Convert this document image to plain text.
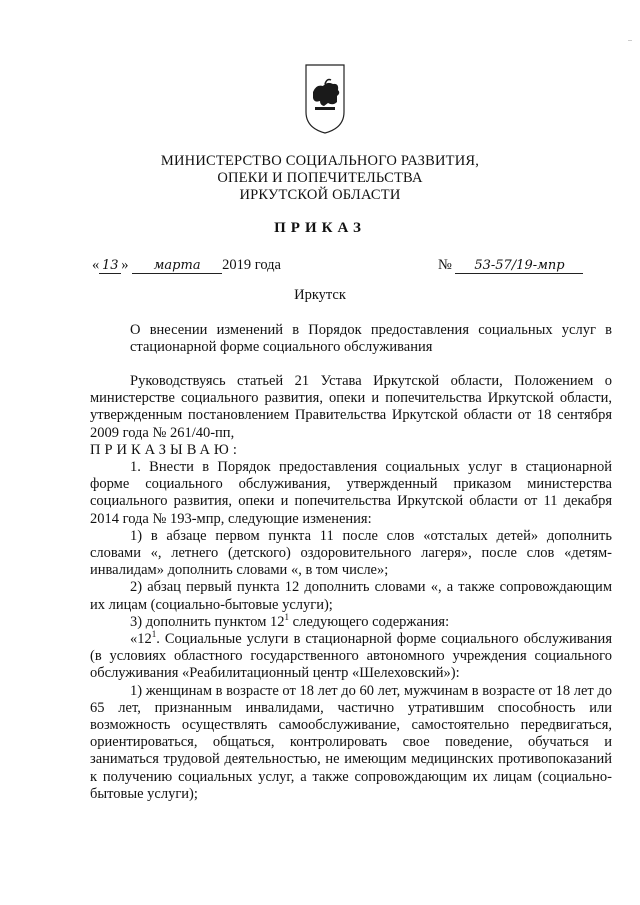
МИНИСТЕРСТВО СОЦИАЛЬНОГО РАЗВИТИЯ,
ОПЕКИ И ПОПЕЧИТЕЛЬСТВА
ИРКУТСКОЙ ОБЛАСТИ
ПРИКАЗ
« 13 » марта 2019 года	№ 53-57/19-мпр
Иркутск
О внесении изменений в Порядок предоставления социальных услуг в стационарной форме социального обслуживания

Руководствуясь статьей 21 Устава Иркутской области, Положением о министерстве социального развития, опеки и попечительства Иркутской области, утвержденным постановлением Правительства Иркутской области от 18 сентября 2009 года № 261/40-пп,

ПРИКАЗЫВАЮ:

1. Внести в Порядок предоставления социальных услуг в стационарной форме социального обслуживания, утвержденный приказом министерства социального развития, опеки и попечительства Иркутской области от 11 декабря 2014 года № 193-мпр, следующие изменения:

1) в абзаце первом пункта 11 после слов «отсталых детей» дополнить словами «, летнего (детского) оздоровительного лагеря», после слов «детям-инвалидам» дополнить словами «, в том числе»;

2) абзац первый пункта 12 дополнить словами «, а также сопровождающим их лицам (социально-бытовые услуги);

3) дополнить пунктом $12^1$ следующего содержания:

«$12^1$. Социальные услуги в стационарной форме социального обслуживания (в условиях областного государственного автономного учреждения социального обслуживания «Реабилитационный центр «Шелеховский»):

1) женщинам в возрасте от 18 лет до 60 лет, мужчинам в возрасте от 18 лет до 65 лет, признанным инвалидами, частично утратившим способность или возможность осуществлять самообслуживание, самостоятельно передвигаться, ориентироваться, общаться, контролировать свое поведение, обучаться и заниматься трудовой деятельностью, не имеющим медицинских противопоказаний к получению социальных услуг, а также сопровождающим их лицам (социально-бытовые услуги);
